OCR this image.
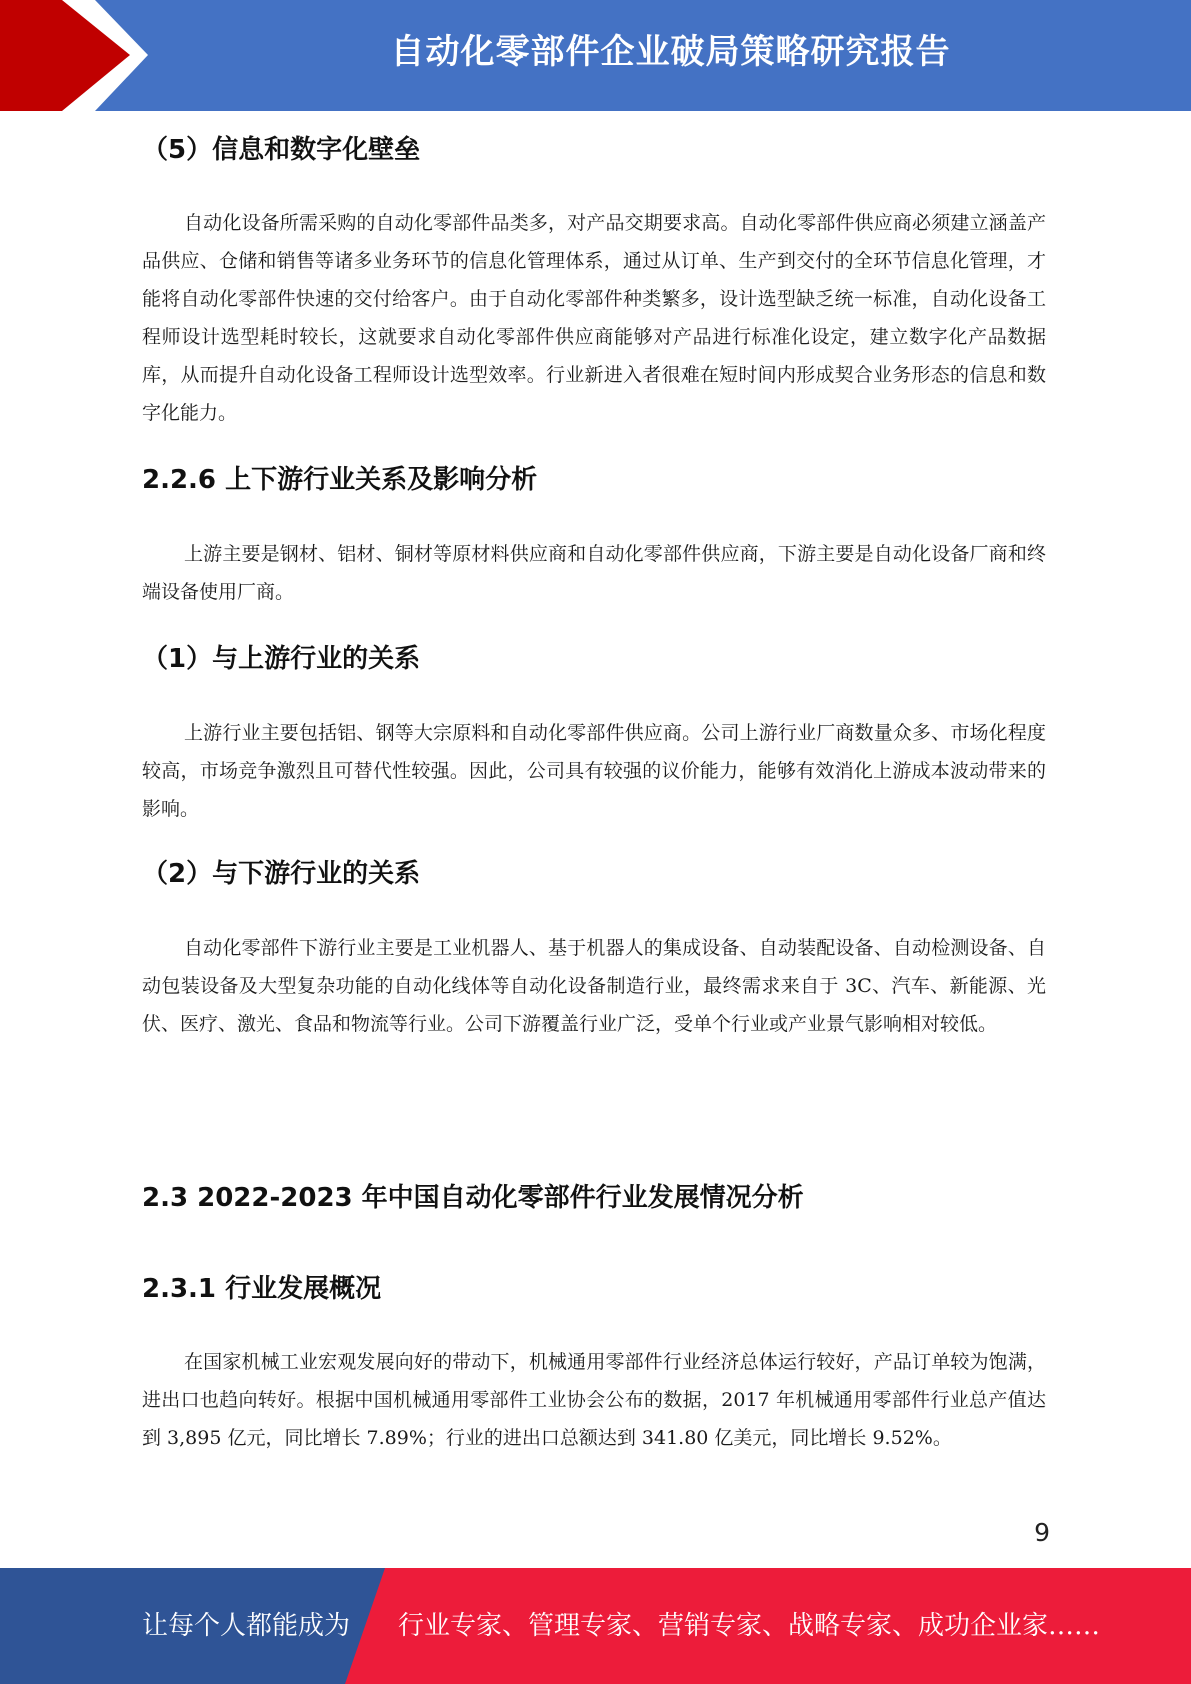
自动化零部件企业破局策略研究报告
（5）信息和数字化壁垒
自动化设备所需采购的自动化零部件品类多，对产品交期要求高。自动化零部件供应商必须建立涵盖产品供应、仓储和销售等诸多业务环节的信息化管理体系，通过从订单、生产到交付的全环节信息化管理，才能将自动化零部件快速的交付给客户。由于自动化零部件种类繁多，设计选型缺乏统一标准，自动化设备工程师设计选型耗时较长，这就要求自动化零部件供应商能够对产品进行标准化设定，建立数字化产品数据库，从而提升自动化设备工程师设计选型效率。行业新进入者很难在短时间内形成契合业务形态的信息和数字化能力。
2.2.6 上下游行业关系及影响分析
上游主要是钢材、铝材、铜材等原材料供应商和自动化零部件供应商，下游主要是自动化设备厂商和终端设备使用厂商。
（1）与上游行业的关系
上游行业主要包括铝、钢等大宗原料和自动化零部件供应商。公司上游行业厂商数量众多、市场化程度较高，市场竞争激烈且可替代性较强。因此，公司具有较强的议价能力，能够有效消化上游成本波动带来的影响。
（2）与下游行业的关系
自动化零部件下游行业主要是工业机器人、基于机器人的集成设备、自动装配设备、自动检测设备、自动包装设备及大型复杂功能的自动化线体等自动化设备制造行业，最终需求来自于 3C、汽车、新能源、光伏、医疗、激光、食品和物流等行业。公司下游覆盖行业广泛，受单个行业或产业景气影响相对较低。
2.3 2022-2023 年中国自动化零部件行业发展情况分析
2.3.1 行业发展概况
在国家机械工业宏观发展向好的带动下，机械通用零部件行业经济总体运行较好，产品订单较为饱满，进出口也趋向转好。根据中国机械通用零部件工业协会公布的数据，2017 年机械通用零部件行业总产值达到 3,895 亿元，同比增长 7.89%；行业的进出口总额达到 341.80 亿美元，同比增长 9.52%。
9
让每个人都能成为 行业专家、管理专家、营销专家、战略专家、成功企业家……
